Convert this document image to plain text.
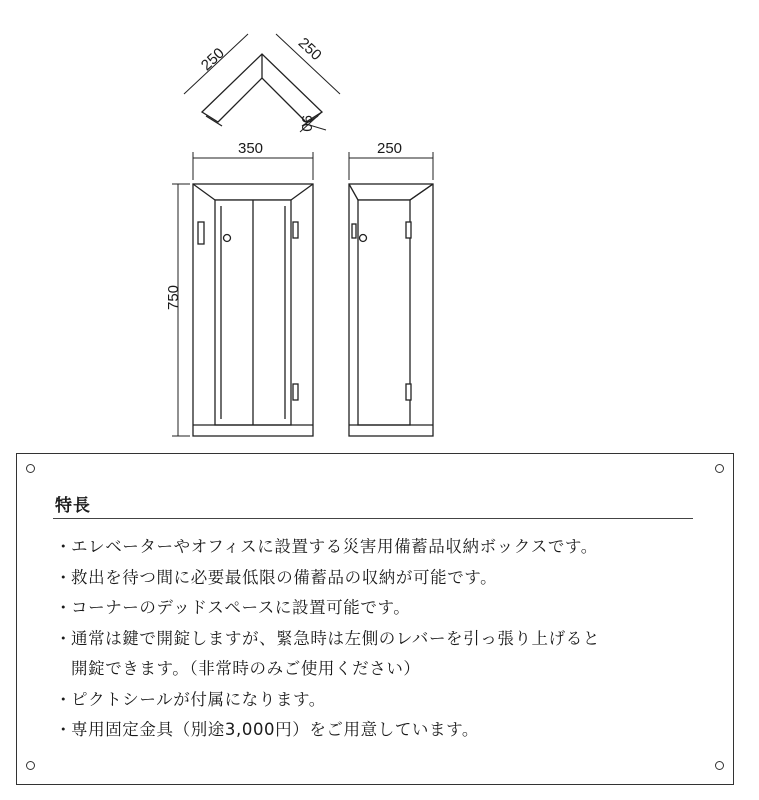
250	250
90
350
750
250
特長
・
エレベーターやオフィスに設置する災害用備蓄品収納ボックスです。
・
救出を待つ間に必要最低限の備蓄品の収納が可能です。
・
コーナーのデッドスペースに設置可能です。
・
通常は鍵で開錠しますが、緊急時は左側のレバーを引っ張り上げると
開錠できます。（非常時のみご使用ください）
・
ピクトシールが付属になります。
・
専用固定金具（別途3,000円）をご用意しています。
